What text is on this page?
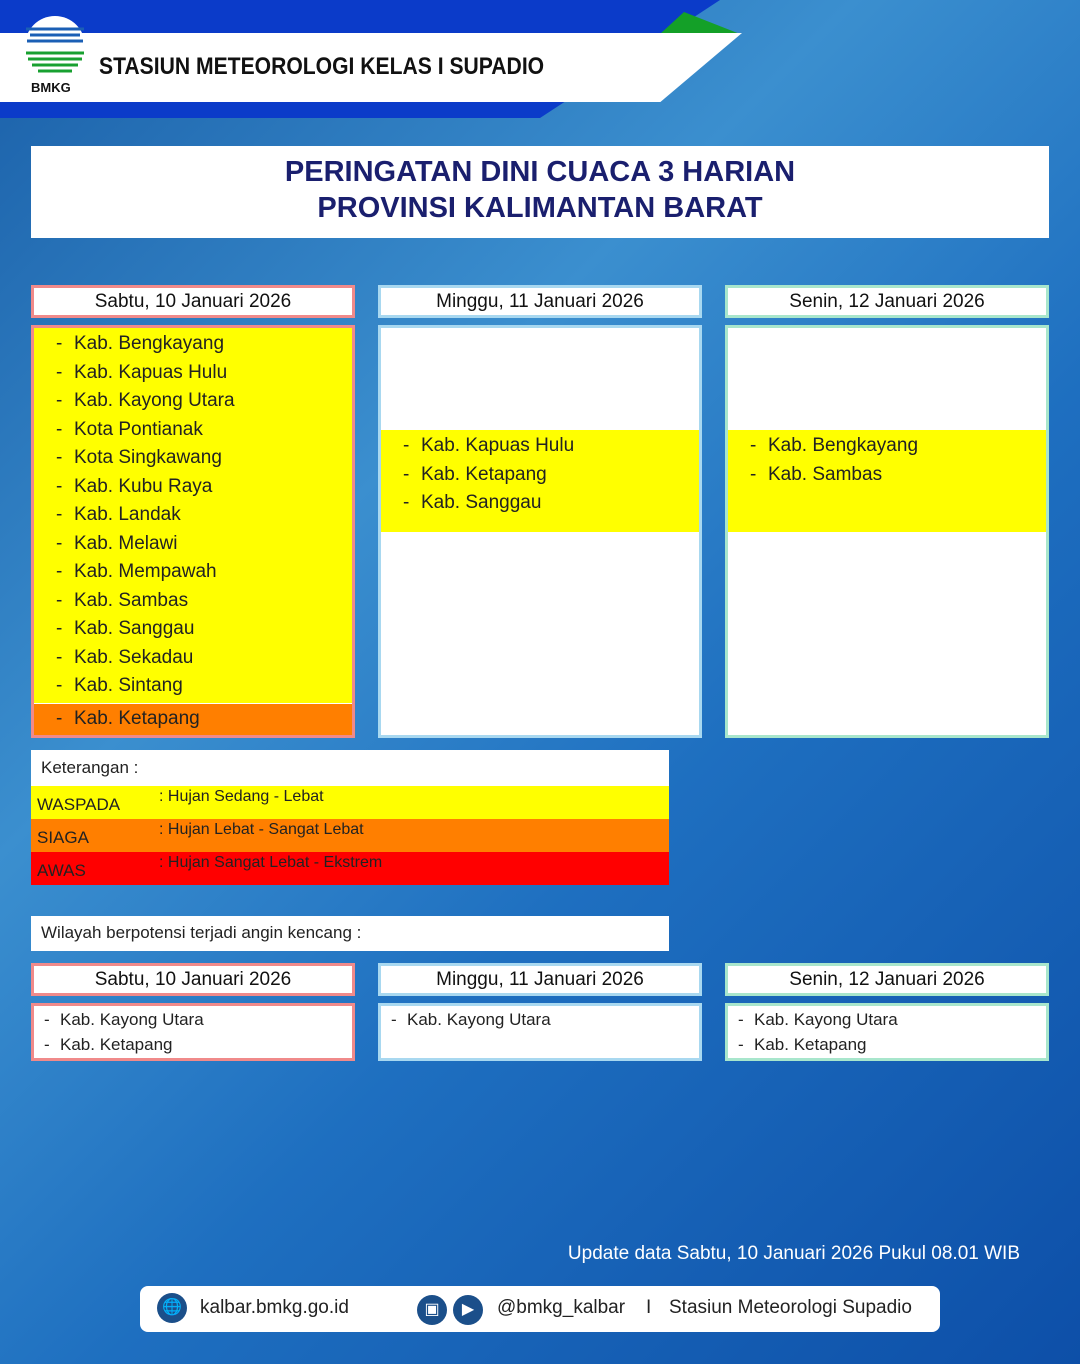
BMKG
STASIUN METEOROLOGI KELAS I SUPADIO
PERINGATAN DINI CUACA 3 HARIAN
PROVINSI KALIMANTAN BARAT
Sabtu, 10 Januari 2026
- Kab. Bengkayang
- Kab. Kapuas Hulu
- Kab. Kayong Utara
- Kota Pontianak
- Kota Singkawang
- Kab. Kubu Raya
- Kab. Landak
- Kab. Melawi
- Kab. Mempawah
- Kab. Sambas
- Kab. Sanggau
- Kab. Sekadau
- Kab. Sintang
- Kab. Ketapang
Minggu, 11 Januari 2026
- Kab. Kapuas Hulu
- Kab. Ketapang
- Kab. Sanggau
Senin, 12 Januari 2026
- Kab. Bengkayang
- Kab. Sambas
Keterangan :
WASPADA : Hujan Sedang - Lebat
SIAGA	: Hujan Lebat - Sangat Lebat
AWAS	: Hujan Sangat Lebat - Ekstrem
Wilayah berpotensi terjadi angin kencang :
Sabtu, 10 Januari 2026
- Kab. Kayong Utara
- Kab. Ketapang
Minggu, 11 Januari 2026
- Kab. Kayong Utara
Senin, 12 Januari 2026
- Kab. Kayong Utara
- Kab. Ketapang
Update data Sabtu, 10 Januari 2026 Pukul 08.01 WIB
🌐 kalbar.bmkg.go.id	▣	▶	@bmkg_kalbar I Stasiun Meteorologi Supadio
